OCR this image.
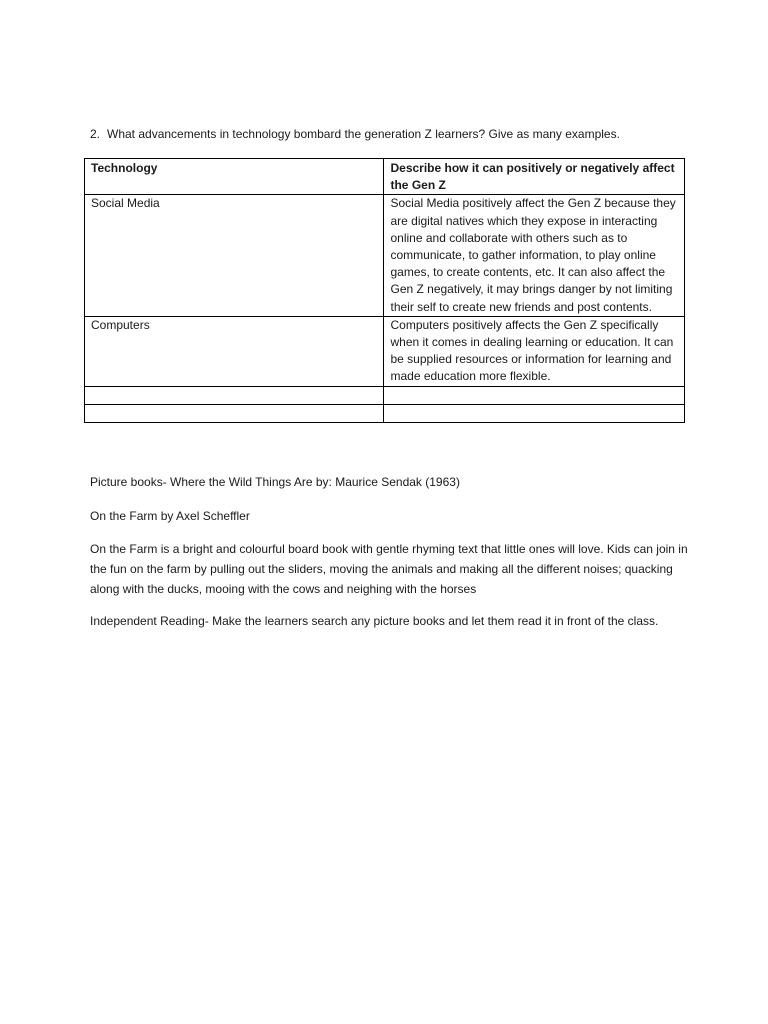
2. What advancements in technology bombard the generation Z learners? Give as many examples.
Technology	Describe how it can positively or negatively affect the Gen Z
Social Media	Social Media positively affect the Gen Z because they are digital natives which they expose in interacting online and collaborate with others such as to communicate, to gather information, to play online games, to create contents, etc. It can also affect the Gen Z negatively, it may brings danger by not limiting their self to create new friends and post contents.
Computers	Computers positively affects the Gen Z specifically when it comes in dealing learning or education. It can be supplied resources or information for learning and made education more flexible.

Picture books- Where the Wild Things Are by: Maurice Sendak (1963)
On the Farm by Axel Scheffler
On the Farm is a bright and colourful board book with gentle rhyming text that little ones will love. Kids can join in the fun on the farm by pulling out the sliders, moving the animals and making all the different noises; quacking along with the ducks, mooing with the cows and neighing with the horses
Independent Reading- Make the learners search any picture books and let them read it in front of the class.
